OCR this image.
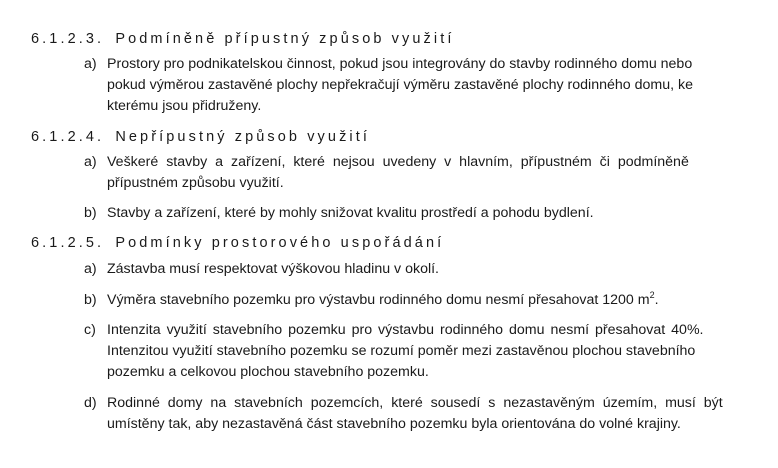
6.1.2.3. Podmíněně přípustný způsob využití
a) Prostory pro podnikatelskou činnost, pokud jsou integrovány do stavby rodinného domu nebo
pokud výměrou zastavěné plochy nepřekračují výměru zastavěné plochy rodinného domu, ke
kterému jsou přidruženy.
6.1.2.4. Nepřípustný způsob využití
a) Veškeré stavby a zařízení, které nejsou uvedeny v hlavním, přípustném či podmíněně
přípustném způsobu využití.
b) Stavby a zařízení, které by mohly snižovat kvalitu prostředí a pohodu bydlení.
6.1.2.5. Podmínky prostorového uspořádání
a) Zástavba musí respektovat výškovou hladinu v okolí.
b) Výměra stavebního pozemku pro výstavbu rodinného domu nesmí přesahovat 1200 $m^2$.
c) Intenzita využití stavebního pozemku pro výstavbu rodinného domu nesmí přesahovat 40%.
Intenzitou využití stavebního pozemku se rozumí poměr mezi zastavěnou plochou stavebního
pozemku a celkovou plochou stavebního pozemku.
d) Rodinné domy na stavebních pozemcích, které sousedí s nezastavěným územím, musí být
umístěny tak, aby nezastavěná část stavebního pozemku byla orientována do volné krajiny.
